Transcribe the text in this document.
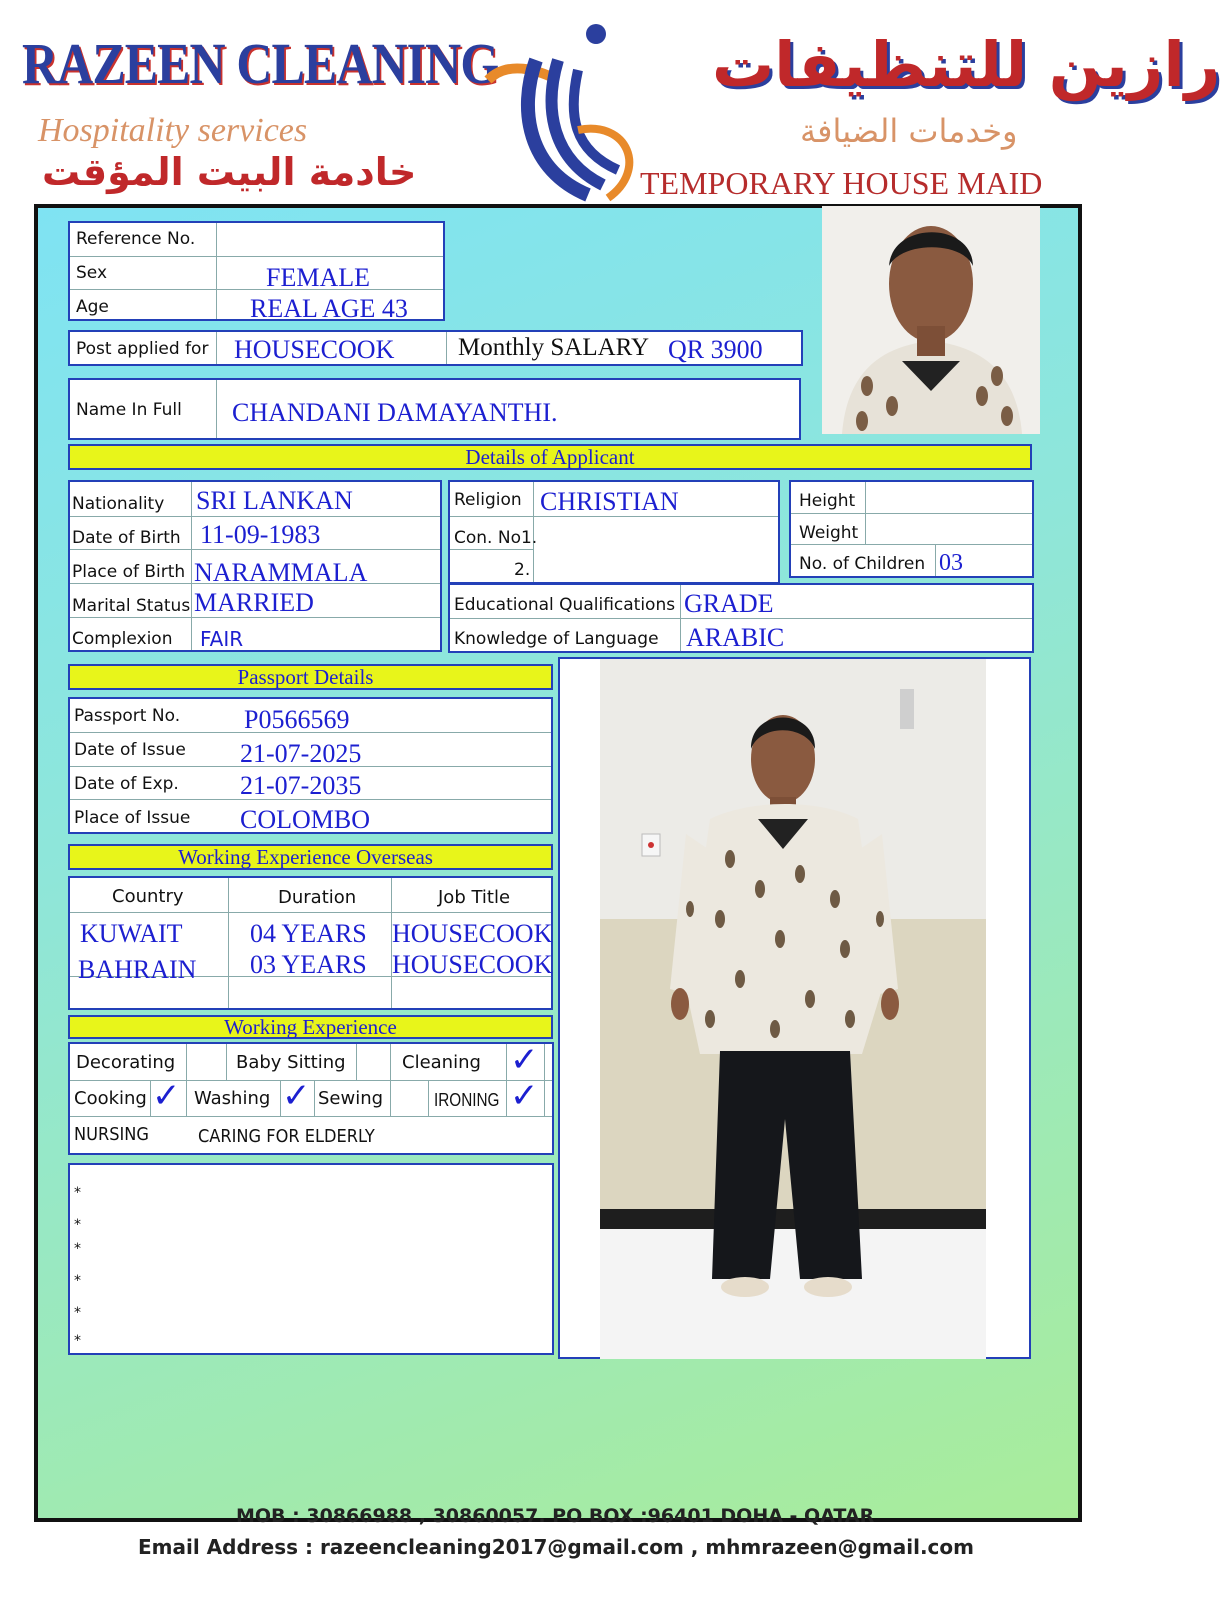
RAZEEN CLEANING
Hospitality services
خادمة البيت المؤقت
رازين للتنظيفات
وخدمات الضيافة
TEMPORARY HOUSE MAID
Reference No.
Sex	FEMALE
Age	REAL AGE 43
Post applied for HOUSECOOK	Monthly SALARY QR 3900
Name In Full CHANDANI DAMAYANTHI.
Details of Applicant
Nationality SRI LANKAN
Date of Birth 11-09-1983
Place of Birth NARAMMALA
Marital Status MARRIED
Complexion FAIR
Religion CHRISTIAN
Con. No1.
2.
Height
Weight
No. of Children 03
Educational Qualifications GRADE
Knowledge of Language ARABIC
Passport Details
Passport No. P0566569
Date of Issue 21-07-2025
Date of Exp. 21-07-2035
Place of Issue COLOMBO
Working Experience Overseas
Country	Duration	Job Title
KUWAIT	04 YEARS HOUSECOOK
BAHRAIN 03 YEARS HOUSECOOK
Working Experience
Decorating	Baby Sitting	Cleaning ✓
Cooking ✓ Washing ✓ Sewing	IRONING ✓
NURSING	CARING FOR ELDERLY
*
*
*
*
*
*
MOB : 30866988 , 30860057. PO BOX :96401 DOHA - QATAR
Email Address : razeencleaning2017@gmail.com , mhmrazeen@gmail.com
